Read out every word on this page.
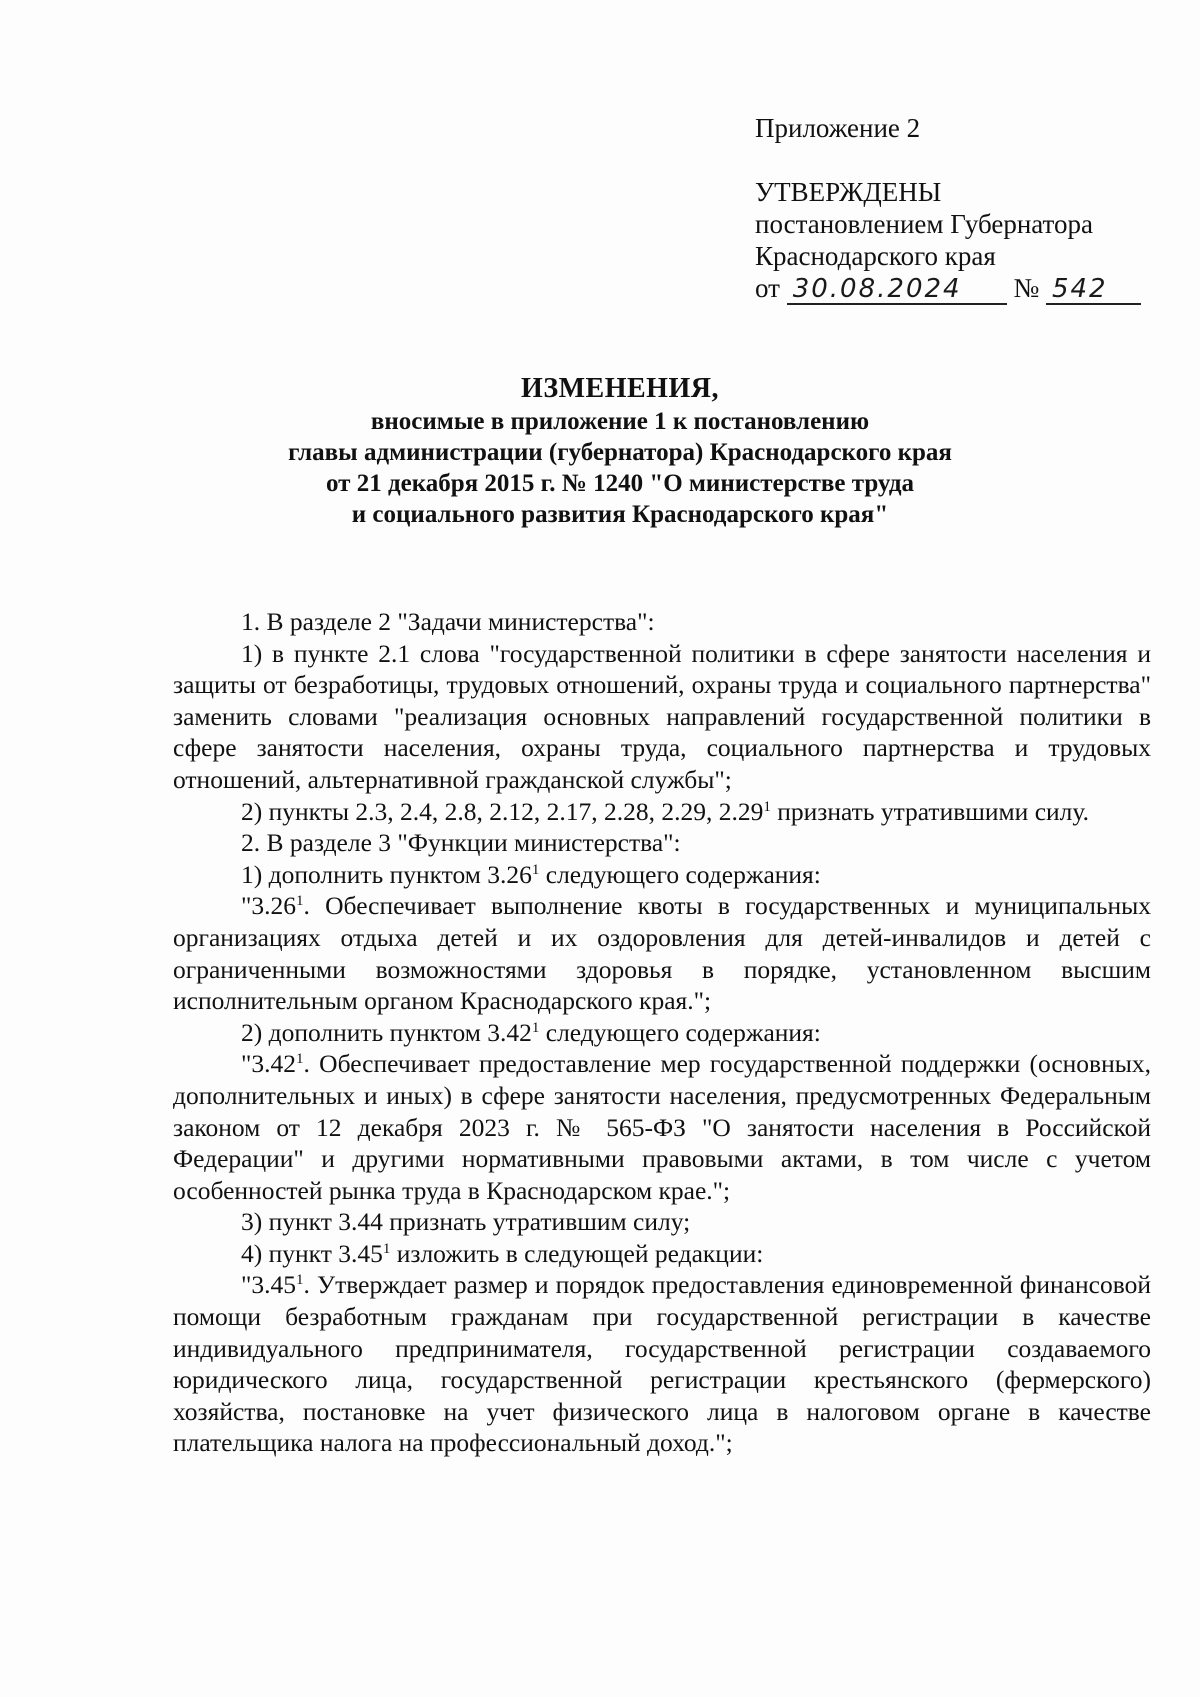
Приложение 2
УТВЕРЖДЕНЫ
постановлением Губернатора
Краснодарского края
от 30.08.2024 № 542
ИЗМЕНЕНИЯ,
вносимые в приложение 1 к постановлению
главы администрации (губернатора) Краснодарского края
от 21 декабря 2015 г. № 1240 "О министерстве труда
и социального развития Краснодарского края"

1. В разделе 2 "Задачи министерства":

1) в пункте 2.1 слова "государственной политики в сфере занятости населения и защиты от безработицы, трудовых отношений, охраны труда и социального партнерства" заменить словами "реализация основных направлений государственной политики в сфере занятости населения, охраны труда, социального партнерства и трудовых отношений, альтернативной гражданской службы";

2) пункты 2.3, 2.4, 2.8, 2.12, 2.17, 2.28, 2.29, 2.29$^1$ признать утратившими силу.

2. В разделе 3 "Функции министерства":

1) дополнить пунктом 3.26$^1$ следующего содержания:

"3.26$^1$. Обеспечивает выполнение квоты в государственных и муниципальных организациях отдыха детей и их оздоровления для детей-инвалидов и детей с ограниченными возможностями здоровья в порядке, установленном высшим исполнительным органом Краснодарского края.";

2) дополнить пунктом 3.42$^1$ следующего содержания:

"3.42$^1$. Обеспечивает предоставление мер государственной поддержки (основных, дополнительных и иных) в сфере занятости населения, предусмотренных Федеральным законом от 12 декабря 2023 г. № 565-ФЗ "О занятости населения в Российской Федерации" и другими нормативными правовыми актами, в том числе с учетом особенностей рынка труда в Краснодарском крае.";

3) пункт 3.44 признать утратившим силу;

4) пункт 3.45$^1$ изложить в следующей редакции:

"3.45$^1$. Утверждает размер и порядок предоставления единовременной финансовой помощи безработным гражданам при государственной регистрации в качестве индивидуального предпринимателя, государственной регистрации создаваемого юридического лица, государственной регистрации крестьянского (фермерского) хозяйства, постановке на учет физического лица в налоговом органе в качестве плательщика налога на профессиональный доход.";
